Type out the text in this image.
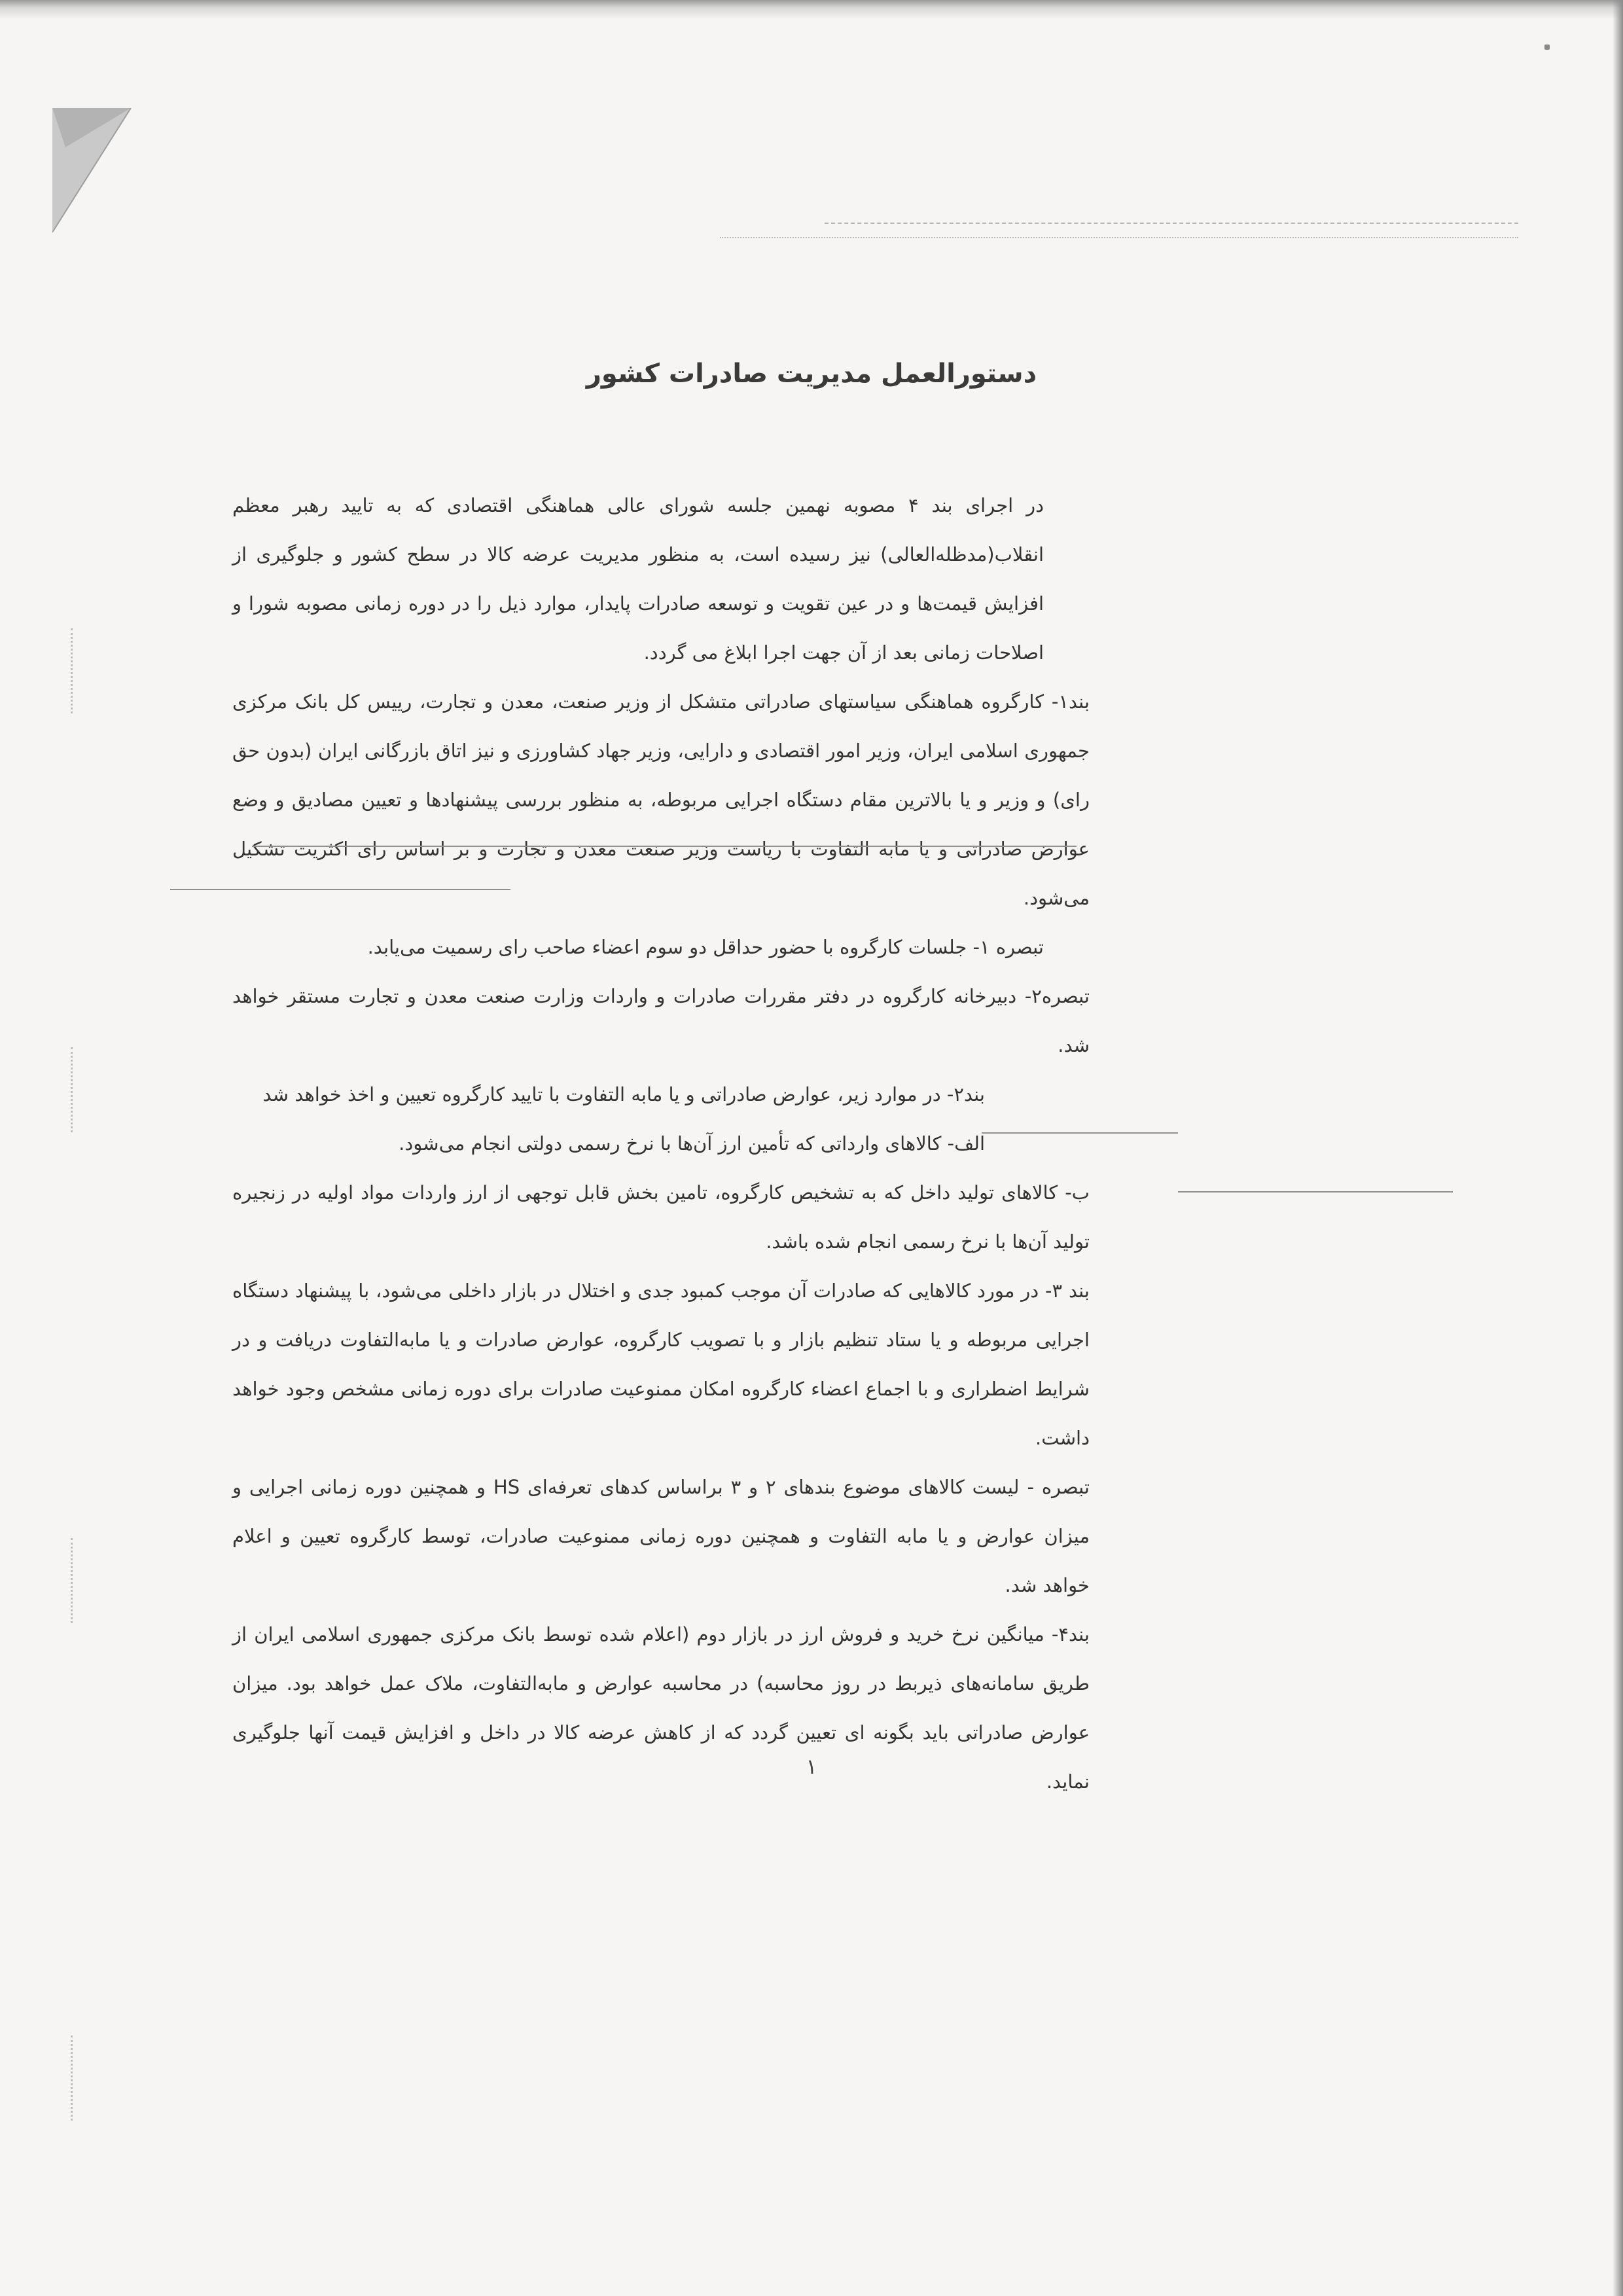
دستورالعمل مدیریت صادرات کشور

در اجرای بند ۴ مصوبه نهمین جلسه شورای عالی هماهنگی اقتصادی که به تایید رهبر معظم انقلاب(مدظله‌العالی) نیز رسیده است، به منظور مدیریت عرضه کالا در سطح کشور و جلوگیری از افزایش قیمت‌ها و در عین تقویت و توسعه صادرات پایدار، موارد ذیل را در دوره زمانی مصوبه شورا و اصلاحات زمانی بعد از آن جهت اجرا ابلاغ می گردد.

بند۱- کارگروه هماهنگی سیاستهای صادراتی متشکل از وزیر صنعت، معدن و تجارت، رییس کل بانک مرکزی جمهوری اسلامی ایران، وزیر امور اقتصادی و دارایی، وزیر جهاد کشاورزی و نیز اتاق بازرگانی ایران (بدون حق رای) و وزیر و یا بالاترین مقام دستگاه اجرایی مربوطه، به منظور بررسی پیشنهادها و تعیین مصادیق و وضع عوارض صادراتی و یا مابه التفاوت با ریاست وزیر صنعت معدن و تجارت و بر اساس رای اکثریت تشکیل می‌شود.

تبصره ۱- جلسات کارگروه با حضور حداقل دو سوم اعضاء صاحب رای رسمیت می‌یابد.

تبصره۲- دبیرخانه کارگروه در دفتر مقررات صادرات و واردات وزارت صنعت معدن و تجارت مستقر خواهد شد.

بند۲- در موارد زیر، عوارض صادراتی و یا مابه التفاوت با تایید کارگروه تعیین و اخذ خواهد شد

الف- کالاهای وارداتی که تأمین ارز آن‌ها با نرخ رسمی دولتی انجام می‌شود.

ب- کالاهای تولید داخل که به تشخیص کارگروه، تامین بخش قابل توجهی از ارز واردات مواد اولیه در زنجیره تولید آن‌ها با نرخ رسمی انجام شده باشد.

بند ۳- در مورد کالاهایی که صادرات آن موجب کمبود جدی و اختلال در بازار داخلی می‌شود، با پیشنهاد دستگاه اجرایی مربوطه و یا ستاد تنظیم بازار و با تصویب کارگروه، عوارض صادرات و یا مابه‌التفاوت دریافت و در شرایط اضطراری و با اجماع اعضاء کارگروه امکان ممنوعیت صادرات برای دوره زمانی مشخص وجود خواهد داشت.

تبصره - لیست کالاهای موضوع بندهای ۲ و ۳ براساس کدهای تعرفه‌ای HS و همچنین دوره زمانی اجرایی و میزان عوارض و یا مابه التفاوت و همچنین دوره زمانی ممنوعیت صادرات، توسط کارگروه تعیین و اعلام خواهد شد.

بند۴- میانگین نرخ خرید و فروش ارز در بازار دوم (اعلام شده توسط بانک مرکزی جمهوری اسلامی ایران از طریق سامانه‌های ذیربط در روز محاسبه) در محاسبه عوارض و مابه‌التفاوت، ملاک عمل خواهد بود. میزان عوارض صادراتی باید بگونه ای تعیین گردد که از کاهش عرضه کالا در داخل و افزایش قیمت آنها جلوگیری نماید.

۱
